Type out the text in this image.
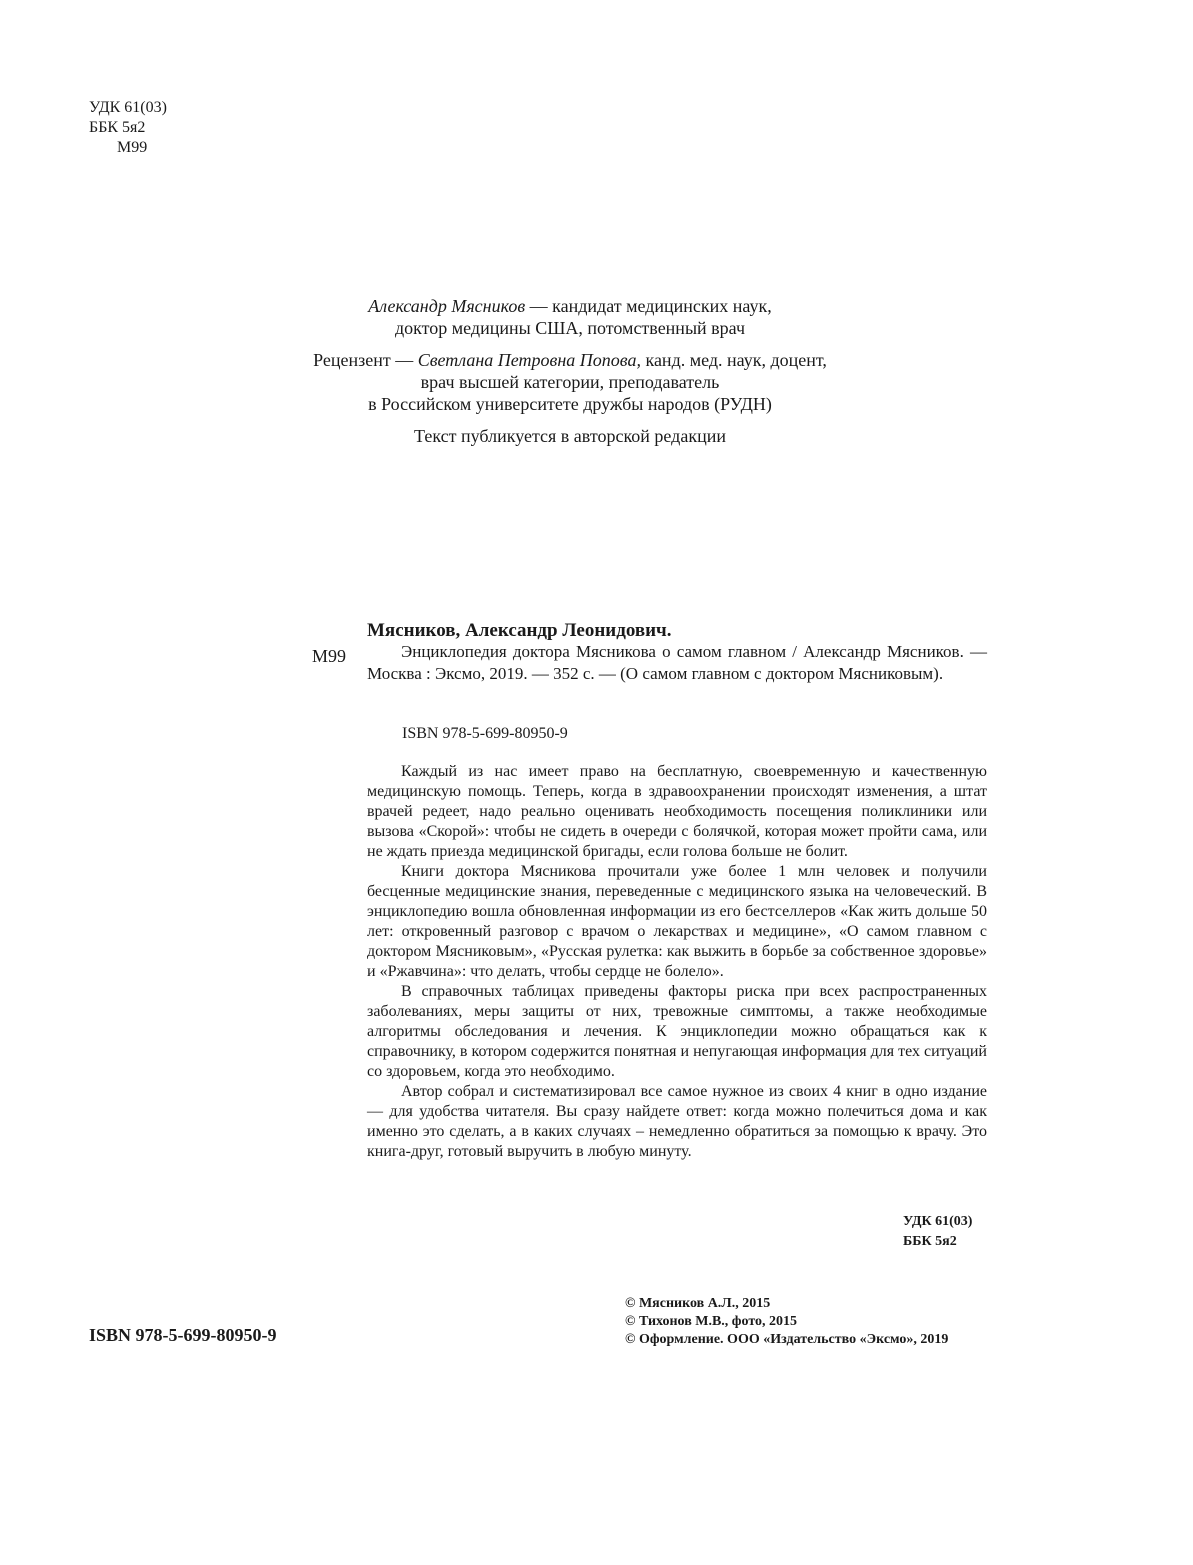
УДК 61(03)
ББК 5я2
М99

Александр Мясников — кандидат медицинских наук,

доктор медицины США, потомственный врач

Рецензент — Светлана Петровна Попова, канд. мед. наук, доцент,

врач высшей категории, преподаватель

в Российском университете дружбы народов (РУДН)

Текст публикуется в авторской редакции

Мясников, Александр Леонидович.
М99	Энциклопедия доктора Мясникова о самом главном / Александр Мясников. — Москва : Эксмо, 2019. — 352 с. — (О самом главном с доктором Мясниковым).
ISBN 978-5-699-80950-9

Каждый из нас имеет право на бесплатную, своевременную и качественную медицинскую помощь. Теперь, когда в здравоохранении происходят изменения, а штат врачей редеет, надо реально оценивать необходимость посещения поликлиники или вызова «Скорой»: чтобы не сидеть в очереди с болячкой, которая может пройти сама, или не ждать приезда медицинской бригады, если голова больше не болит.

Книги доктора Мясникова прочитали уже более 1 млн человек и получили бесценные медицинские знания, переведенные с медицинского языка на человеческий. В энциклопедию вошла обновленная информации из его бестселлеров «Как жить дольше 50 лет: откровенный разговор с врачом о лекарствах и медицине», «О самом главном с доктором Мясниковым», «Русская рулетка: как выжить в борьбе за собственное здоровье» и «Ржавчина»: что делать, чтобы сердце не болело».

В справочных таблицах приведены факторы риска при всех распространенных заболеваниях, меры защиты от них, тревожные симптомы, а также необходимые алгоритмы обследования и лечения. К энциклопедии можно обращаться как к справочнику, в котором содержится понятная и непугающая информация для тех ситуаций со здоровьем, когда это необходимо.

Автор собрал и систематизировал все самое нужное из своих 4 книг в одно издание — для удобства читателя. Вы сразу найдете ответ: когда можно полечиться дома и как именно это сделать, а в каких случаях – немедленно обратиться за помощью к врачу. Это книга-друг, готовый выручить в любую минуту.

УДК 61(03)
ББК 5я2
ISBN 978-5-699-80950-9
© Мясников А.Л., 2015
© Тихонов М.В., фото, 2015
© Оформление. ООО «Издательство «Эксмо», 2019
